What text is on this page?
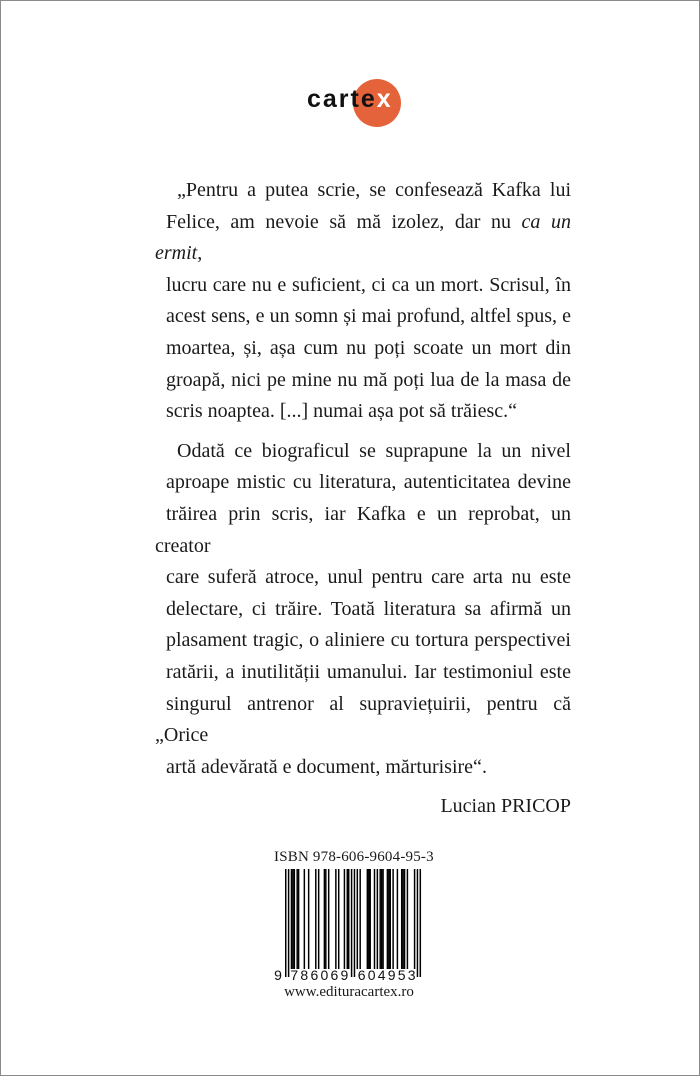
cartex
„Pentru a putea scrie, se confesează Kafka lui
Felice, am nevoie să mă izolez, dar nu ca un ermit,
lucru care nu e suficient, ci ca un mort. Scrisul, în
acest sens, e un somn și mai profund, altfel spus, e
moartea, și, așa cum nu poți scoate un mort din
groapă, nici pe mine nu mă poți lua de la masa de
scris noaptea. [...] numai așa pot să trăiesc.“
Odată ce biograficul se suprapune la un nivel
aproape mistic cu literatura, autenticitatea devine
trăirea prin scris, iar Kafka e un reprobat, un creator
care suferă atroce, unul pentru care arta nu este
delectare, ci trăire. Toată literatura sa afirmă un
plasament tragic, o aliniere cu tortura perspectivei
ratării, a inutilității umanului. Iar testimoniul este
singurul antrenor al supraviețuirii, pentru că „Orice
artă adevărată e document, mărturisire“.

Lucian PRICOP

ISBN 978-606-9604-95-3
9 7 8 6 0 6 9 6 0 4 9 5 3
www.edituracartex.ro
